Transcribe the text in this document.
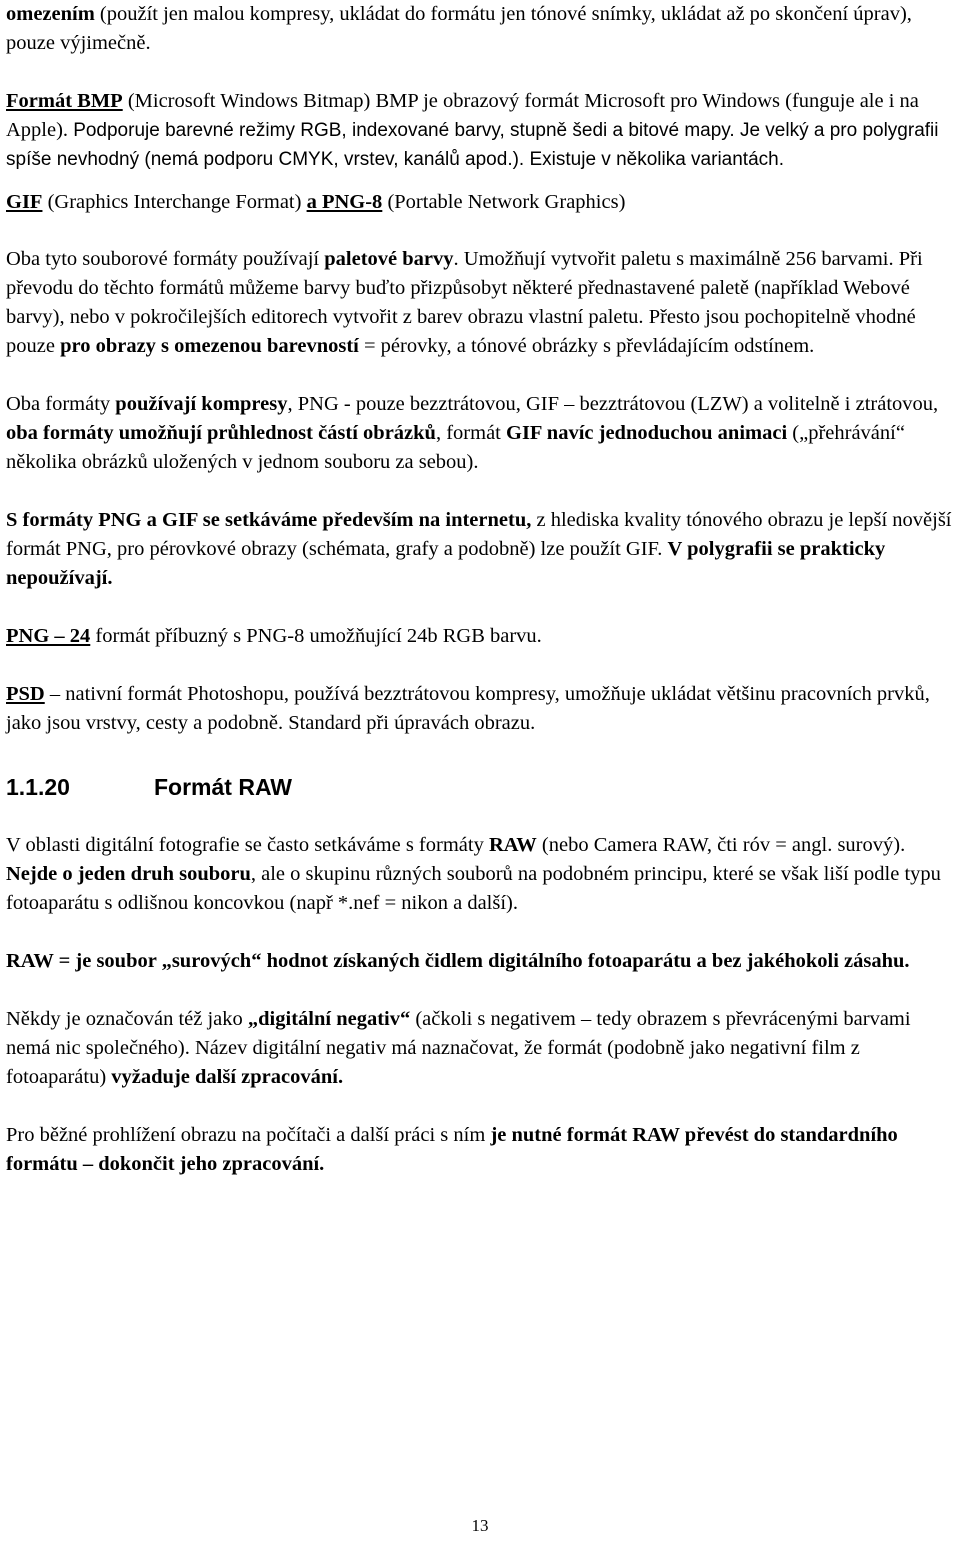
omezením (použít jen malou kompresy, ukládat do formátu jen tónové snímky, ukládat až po skončení úprav), pouze výjimečně.

Formát BMP (Microsoft Windows Bitmap) BMP je obrazový formát Microsoft pro Windows (funguje ale i na Apple). Podporuje barevné režimy RGB, indexované barvy, stupně šedi a bitové mapy. Je velký a pro polygrafii spíše nevhodný (nemá podporu CMYK, vrstev, kanálů apod.). Existuje v několika variantách.

GIF (Graphics Interchange Format) a PNG-8 (Portable Network Graphics)

Oba tyto souborové formáty používají paletové barvy. Umožňují vytvořit paletu s maximálně 256 barvami. Při převodu do těchto formátů můžeme barvy buďto přizpůsobyt některé přednastavené paletě (například Webové barvy), nebo v pokročilejších editorech vytvořit z barev obrazu vlastní paletu. Přesto jsou pochopitelně vhodné pouze pro obrazy s omezenou barevností = pérovky, a tónové obrázky s převládajícím odstínem.

Oba formáty používají kompresy, PNG - pouze bezztrátovou, GIF – bezztrátovou (LZW) a volitelně i ztrátovou, oba formáty umožňují průhlednost částí obrázků, formát GIF navíc jednoduchou animaci („přehrávání“ několika obrázků uložených v jednom souboru za sebou).

S formáty PNG a GIF se setkáváme především na internetu, z hlediska kvality tónového obrazu je lepší novější formát PNG, pro pérovkové obrazy (schémata, grafy a podobně) lze použít GIF. V polygrafii se prakticky nepoužívají.

PNG – 24 formát příbuzný s PNG-8 umožňující 24b RGB barvu.

PSD – nativní formát Photoshopu, používá bezztrátovou kompresy, umožňuje ukládat většinu pracovních prvků, jako jsou vrstvy, cesty a podobně. Standard při úpravách obrazu.

1.1.20	Formát RAW

V oblasti digitální fotografie se často setkáváme s formáty RAW (nebo Camera RAW, čti róv = angl. surový). Nejde o jeden druh souboru, ale o skupinu různých souborů na podobném principu, které se však liší podle typu fotoaparátu s odlišnou koncovkou (např *.nef = nikon a další).

RAW = je soubor „surových“ hodnot získaných čidlem digitálního fotoaparátu a bez jakéhokoli zásahu.

Někdy je označován též jako „digitální negativ“ (ačkoli s negativem – tedy obrazem s převrácenými barvami nemá nic společného). Název digitální negativ má naznačovat, že formát (podobně jako negativní film z fotoaparátu) vyžaduje další zpracování.

Pro běžné prohlížení obrazu na počítači a další práci s ním je nutné formát RAW převést do standardního formátu – dokončit jeho zpracování.

13
